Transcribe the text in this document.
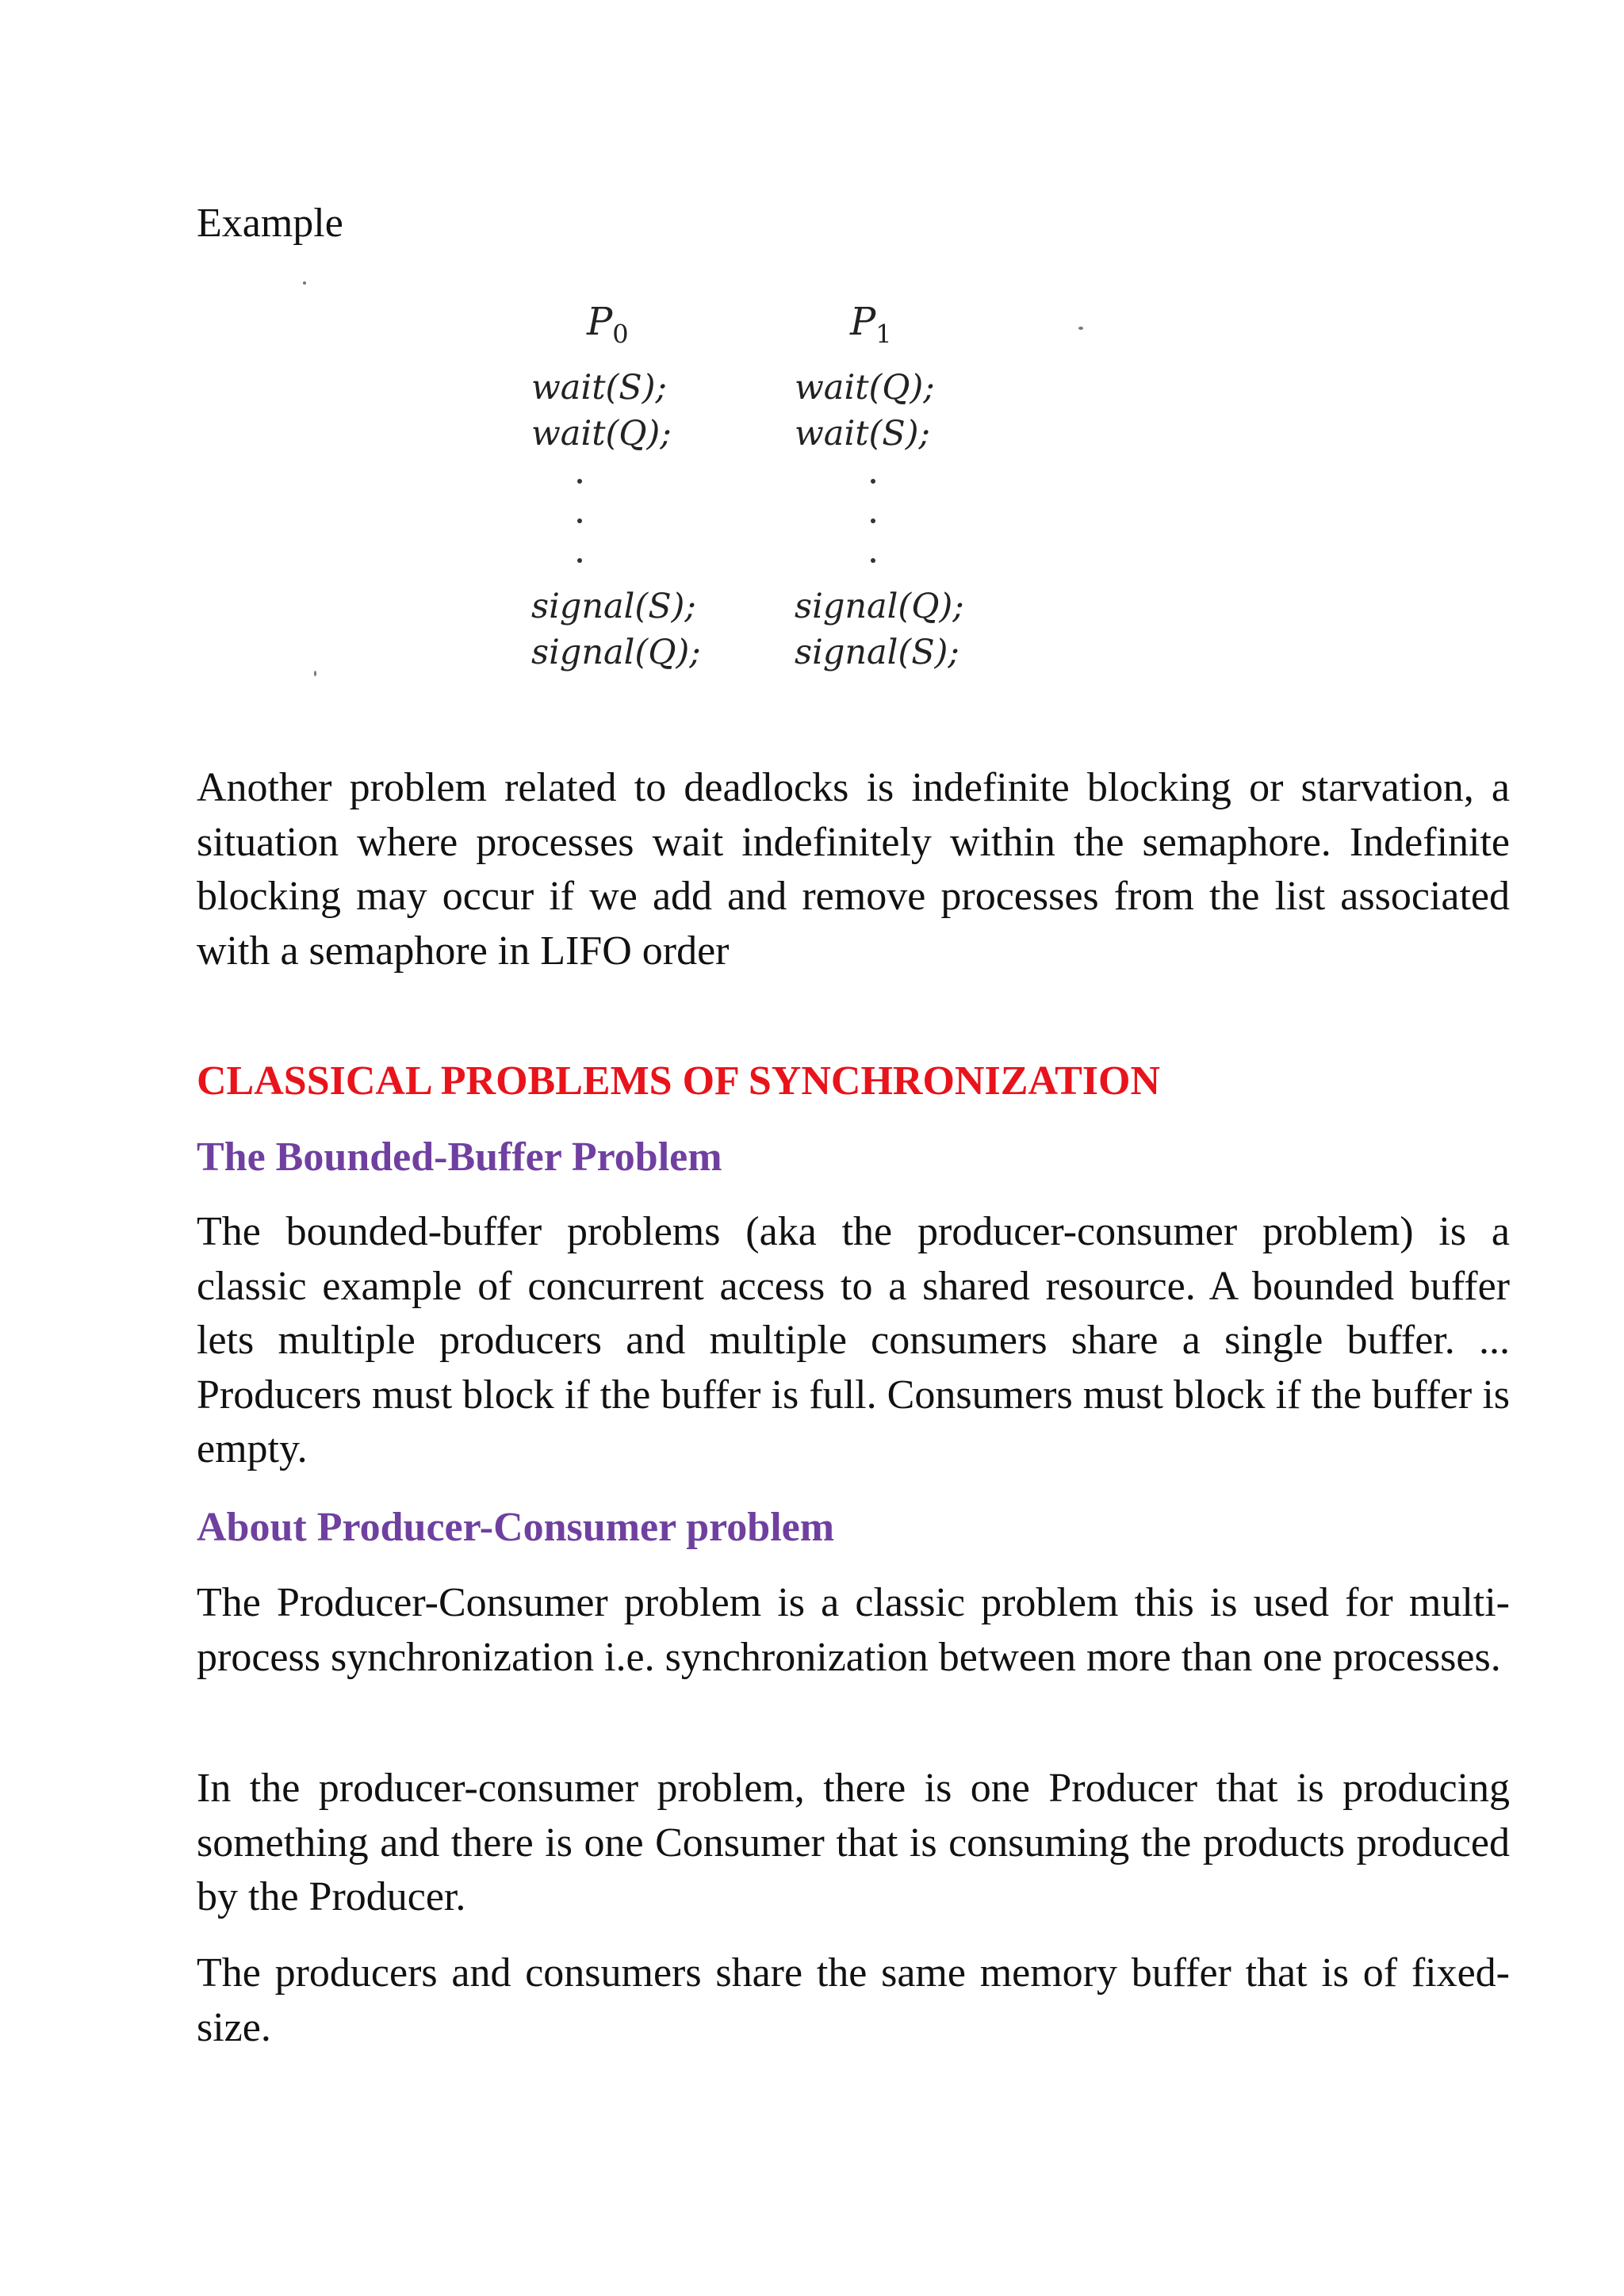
Example
$P_0$
wait(S);
wait(Q);
signal(S);
signal(Q);
$P_1$
wait(Q);
wait(S);
signal(Q);
signal(S);
Another problem related to deadlocks is indefinite blocking or starvation, a situation where processes wait indefinitely within the semaphore. Indefinite blocking may occur if we add and remove processes from the list associated with a semaphore in LIFO order
CLASSICAL PROBLEMS OF SYNCHRONIZATION
The Bounded-Buffer Problem
The bounded-buffer problems (aka the producer-consumer problem) is a classic example of concurrent access to a shared resource. A bounded buffer lets multiple producers and multiple consumers share a single buffer. ... Producers must block if the buffer is full. Consumers must block if the buffer is empty.
About Producer-Consumer problem
The Producer-Consumer problem is a classic problem this is used for multi-process synchronization i.e. synchronization between more than one processes.
In the producer-consumer problem, there is one Producer that is producing something and there is one Consumer that is consuming the products produced by the Producer.
The producers and consumers share the same memory buffer that is of fixed-size.
